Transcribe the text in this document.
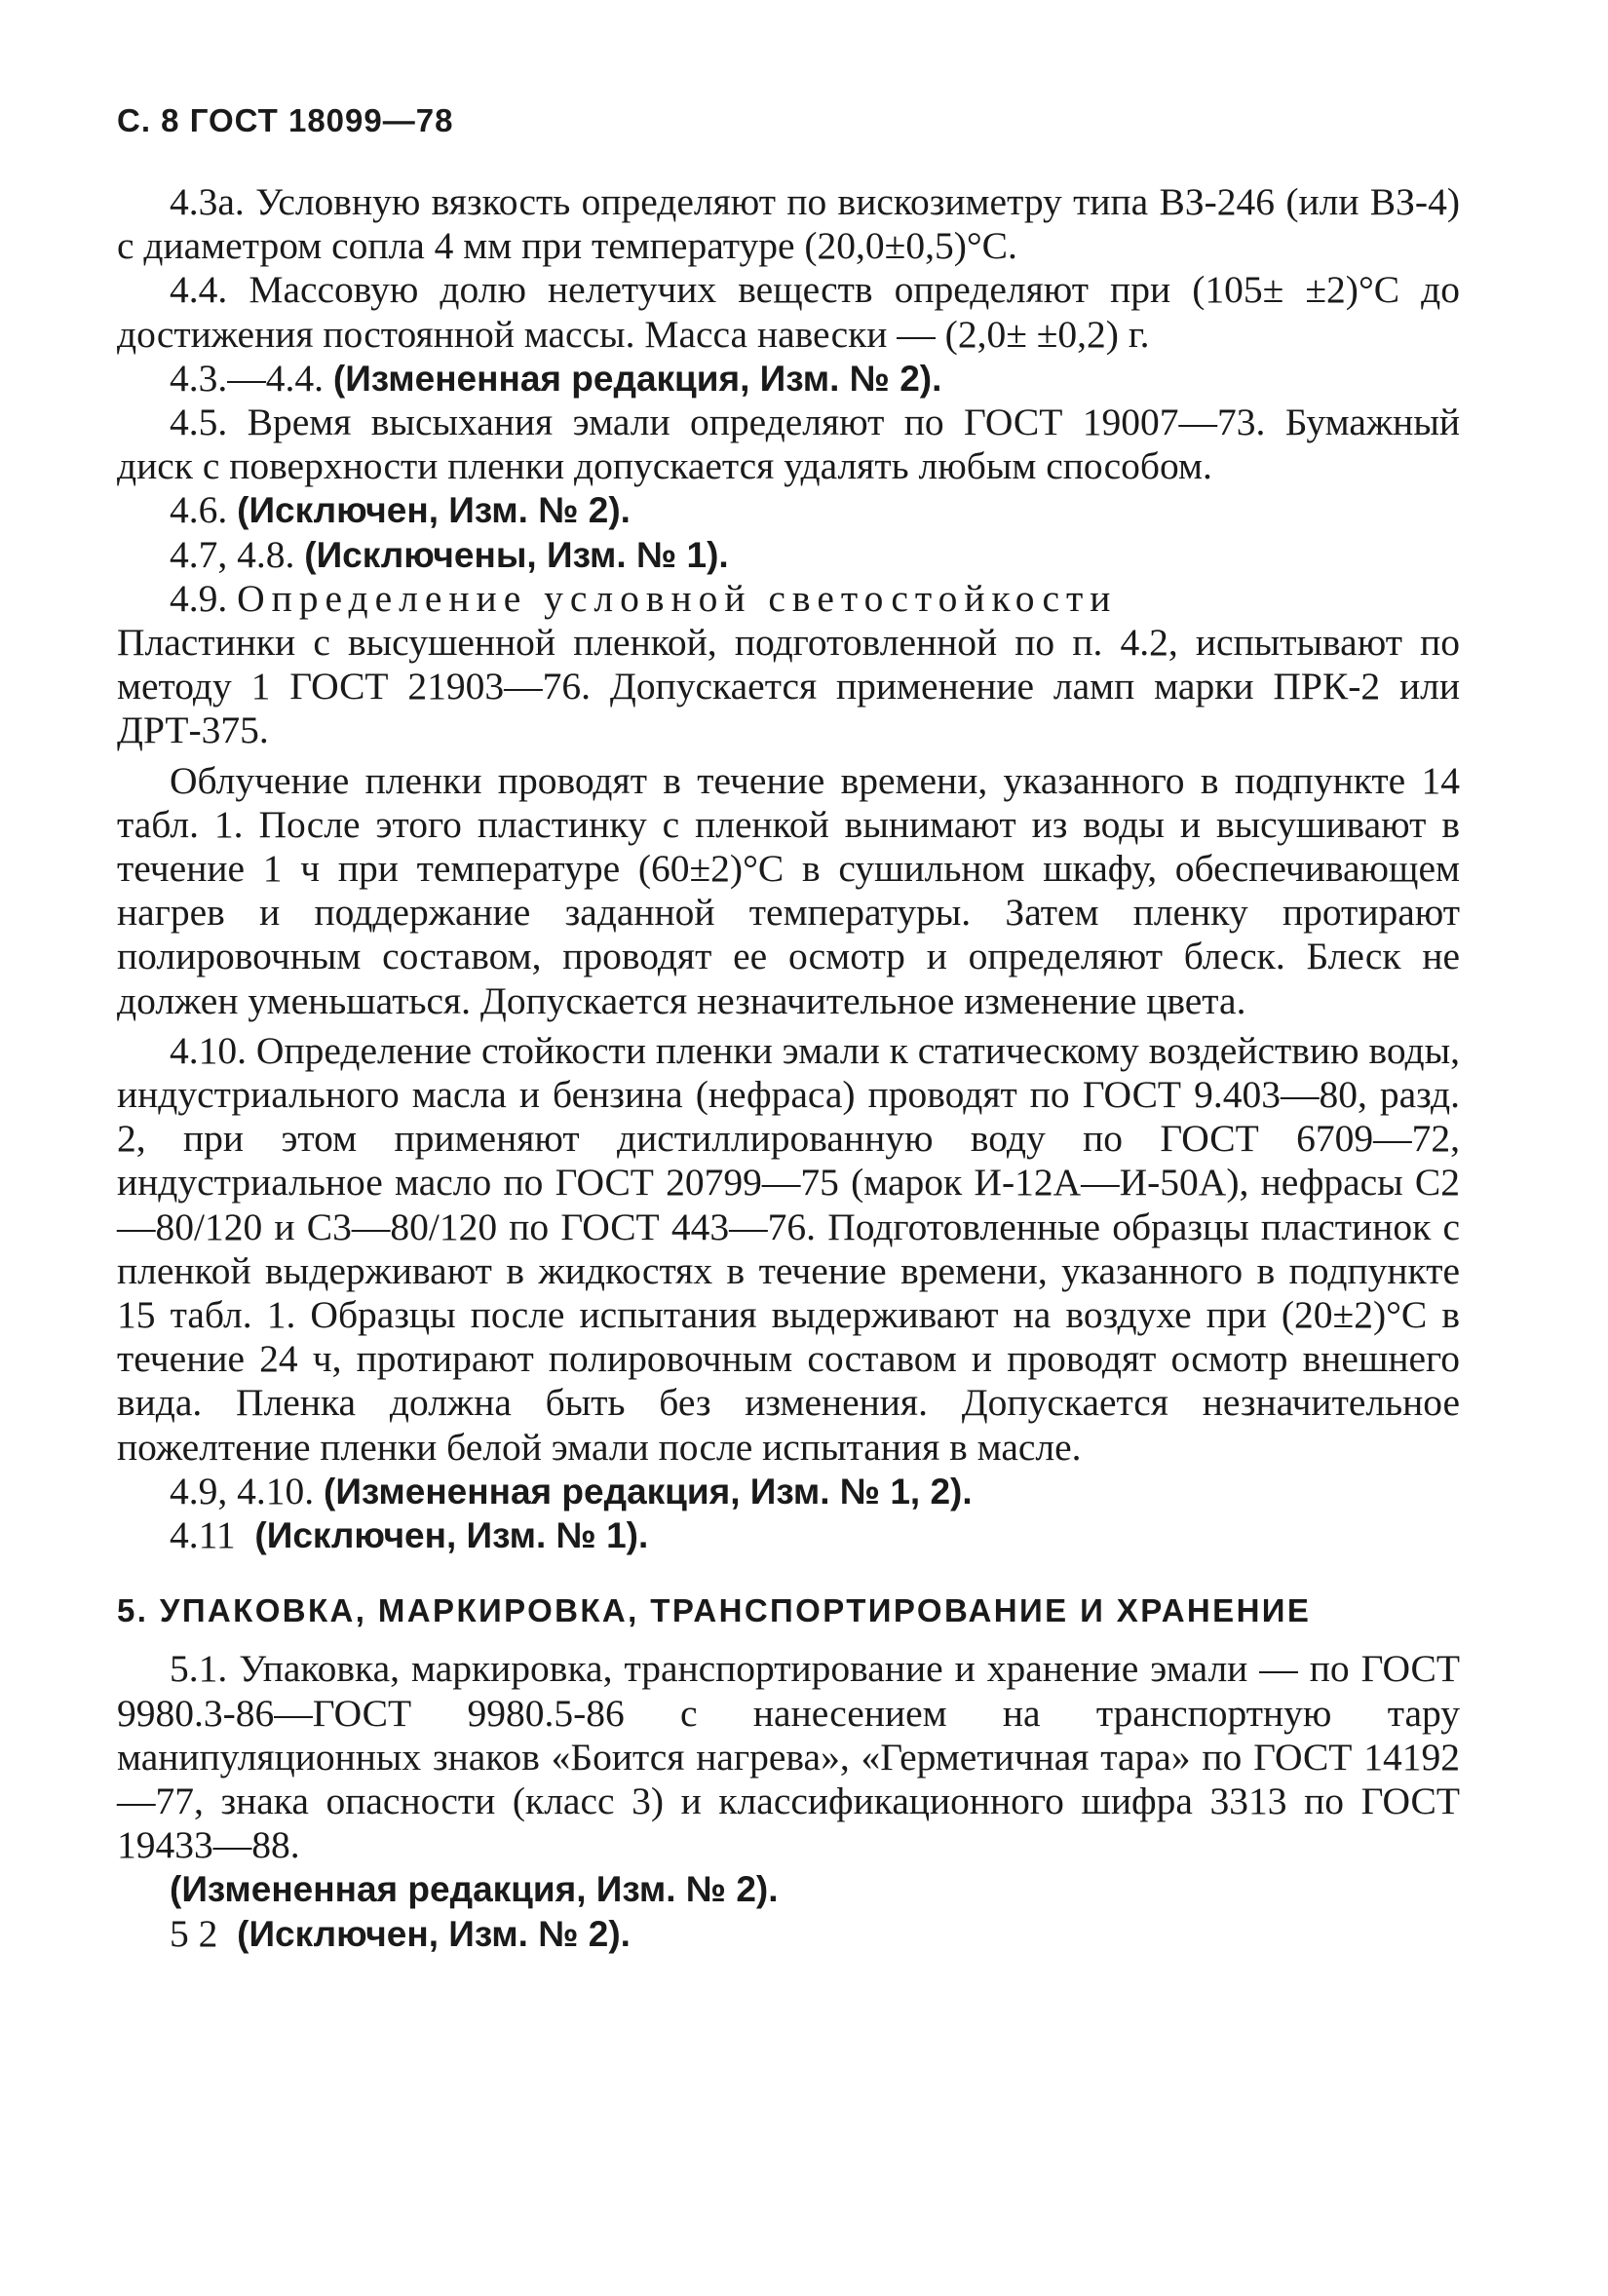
С. 8 ГОСТ 18099—78

4.3а. Условную вязкость определяют по вискозиметру типа ВЗ-246 (или ВЗ-4) с диаметром сопла 4 мм при температуре (20,0±0,5)°С.

4.4. Массовую долю нелетучих веществ определяют при (105± ±2)°С до достижения постоянной массы. Масса навески — (2,0± ±0,2) г.

4.3.—4.4. (Измененная редакция, Изм. № 2).

4.5. Время высыхания эмали определяют по ГОСТ 19007—73. Бумажный диск с поверхности пленки допускается удалять любым способом.

4.6. (Исключен, Изм. № 2).

4.7, 4.8. (Исключены, Изм. № 1).

4.9. Определение условной светостойкости

Пластинки с высушенной пленкой, подготовленной по п. 4.2, испытывают по методу 1 ГОСТ 21903—76. Допускается применение ламп марки ПРК-2 или ДРТ-375.

Облучение пленки проводят в течение времени, указанного в подпункте 14 табл. 1. После этого пластинку с пленкой вынимают из воды и высушивают в течение 1 ч при температуре (60±2)°С в сушильном шкафу, обеспечивающем нагрев и поддержание заданной температуры. Затем пленку протирают полировочным составом, проводят ее осмотр и определяют блеск. Блеск не должен уменьшаться. Допускается незначительное изменение цвета.

4.10. Определение стойкости пленки эмали к статическому воздействию воды, индустриального масла и бензина (нефраса) проводят по ГОСТ 9.403—80, разд. 2, при этом применяют дистиллированную воду по ГОСТ 6709—72, индустриальное масло по ГОСТ 20799—75 (марок И-12А—И-50А), нефрасы С2—80/120 и С3—80/120 по ГОСТ 443—76. Подготовленные образцы пластинок с пленкой выдерживают в жидкостях в течение времени, указанного в подпункте 15 табл. 1. Образцы после испытания выдерживают на воздухе при (20±2)°С в течение 24 ч, протирают полировочным составом и проводят осмотр внешнего вида. Пленка должна быть без изменения. Допускается незначительное пожелтение пленки белой эмали после испытания в масле.

4.9, 4.10. (Измененная редакция, Изм. № 1, 2).

4.11 (Исключен, Изм. № 1).

5. УПАКОВКА, МАРКИРОВКА, ТРАНСПОРТИРОВАНИЕ И ХРАНЕНИЕ

5.1. Упаковка, маркировка, транспортирование и хранение эмали — по ГОСТ 9980.3-86—ГОСТ 9980.5-86 с нанесением на транспортную тару манипуляционных знаков «Боится нагрева», «Герметичная тара» по ГОСТ 14192—77, знака опасности (класс 3) и классификационного шифра 3313 по ГОСТ 19433—88.

(Измененная редакция, Изм. № 2).

5 2 (Исключен, Изм. № 2).
